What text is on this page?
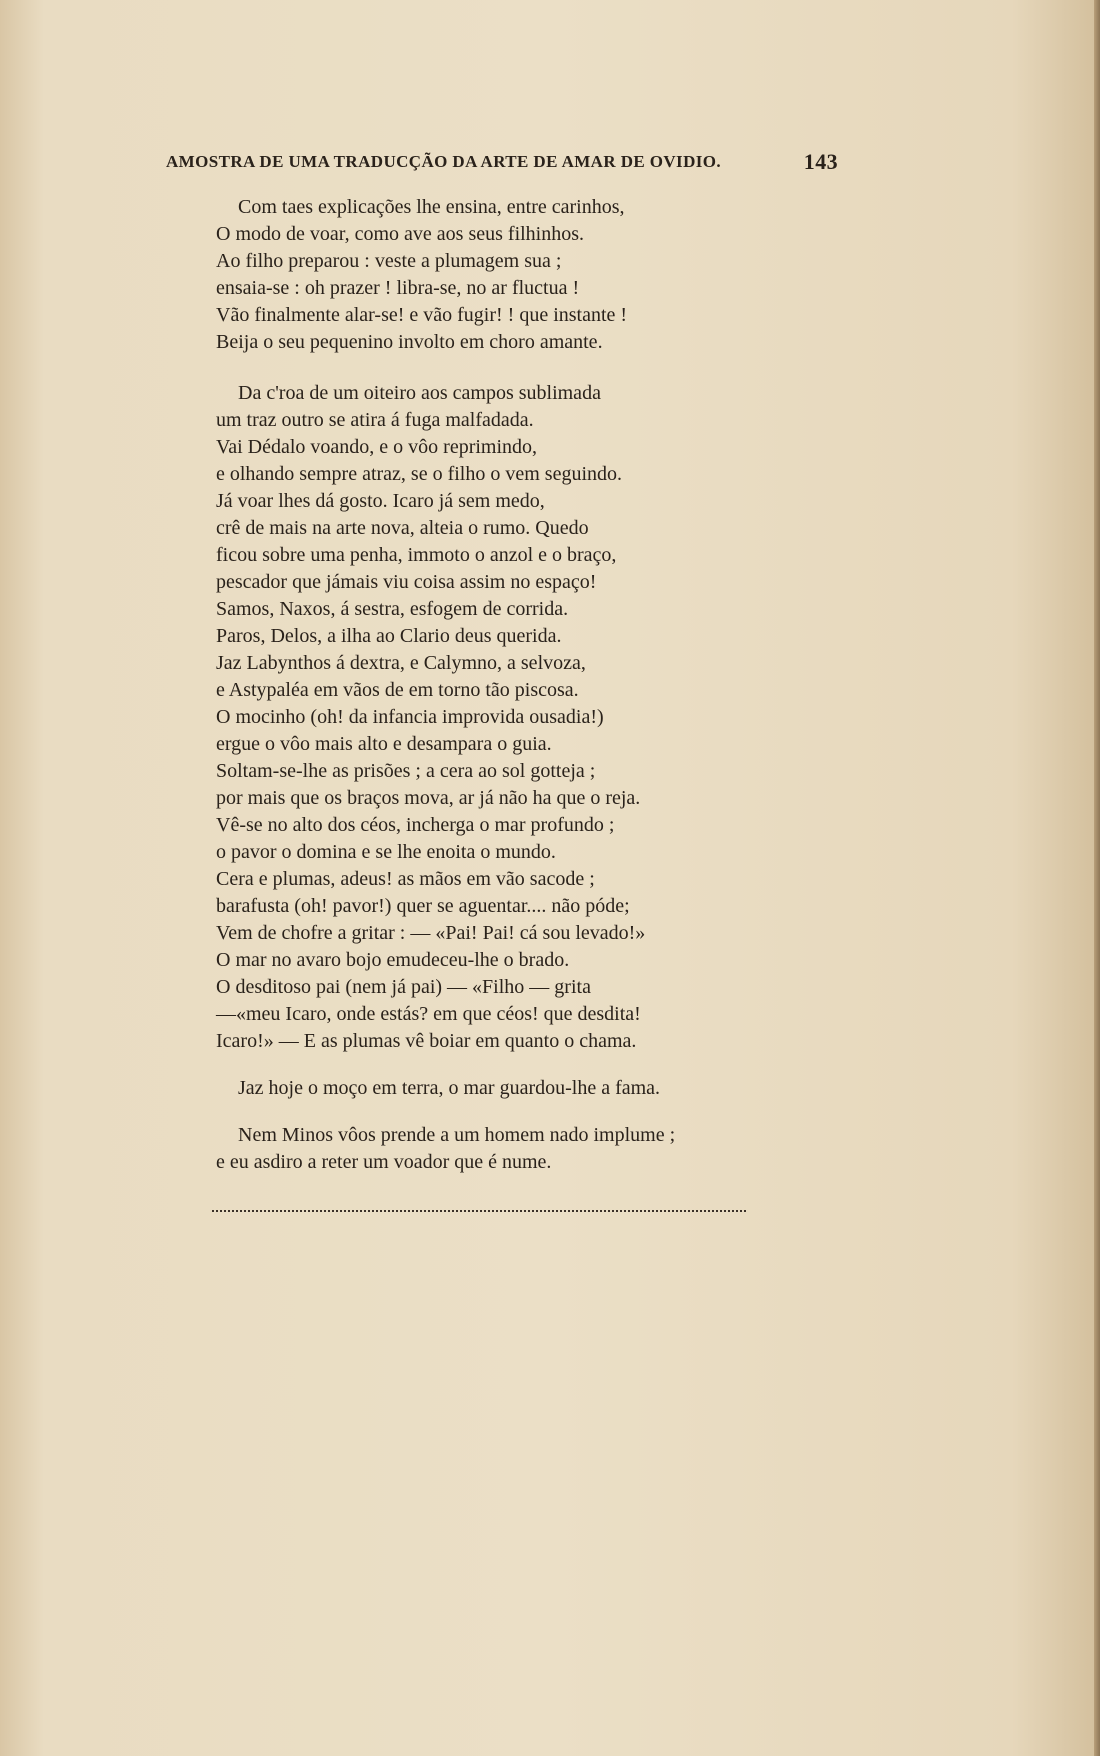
AMOSTRA DE UMA TRADUCÇÃO DA ARTE DE AMAR DE OVIDIO.	143
Com taes explicações lhe ensina, entre carinhos,
O modo de voar, como ave aos seus filhinhos.
Ao filho preparou : veste a plumagem sua ;
ensaia-se : oh prazer ! libra-se, no ar fluctua !
Vão finalmente alar-se! e vão fugir! ! que instante !
Beija o seu pequenino involto em choro amante.
Da c'roa de um oiteiro aos campos sublimada
um traz outro se atira á fuga malfadada.
Vai Dédalo voando, e o vôo reprimindo,
e olhando sempre atraz, se o filho o vem seguindo.
Já voar lhes dá gosto. Icaro já sem medo,
crê de mais na arte nova, alteia o rumo. Quedo
ficou sobre uma penha, immoto o anzol e o braço,
pescador que jámais viu coisa assim no espaço!
Samos, Naxos, á sestra, esfogem de corrida.
Paros, Delos, a ilha ao Clario deus querida.
Jaz Labynthos á dextra, e Calymno, a selvoza,
e Astypaléa em vãos de em torno tão piscosa.
O mocinho (oh! da infancia improvida ousadia!)
ergue o vôo mais alto e desampara o guia.
Soltam-se-lhe as prisões ; a cera ao sol gotteja ;
por mais que os braços mova, ar já não ha que o reja.
Vê-se no alto dos céos, incherga o mar profundo ;
o pavor o domina e se lhe enoita o mundo.
Cera e plumas, adeus! as mãos em vão sacode ;
barafusta (oh! pavor!) quer se aguentar.... não póde;
Vem de chofre a gritar : — «Pai! Pai! cá sou levado!»
O mar no avaro bojo emudeceu-lhe o brado.
O desditoso pai (nem já pai) — «Filho — grita
—«meu Icaro, onde estás? em que céos! que desdita!
Icaro!» — E as plumas vê boiar em quanto o chama.
Jaz hoje o moço em terra, o mar guardou-lhe a fama.
Nem Minos vôos prende a um homem nado implume ;
e eu asdiro a reter um voador que é nume.
